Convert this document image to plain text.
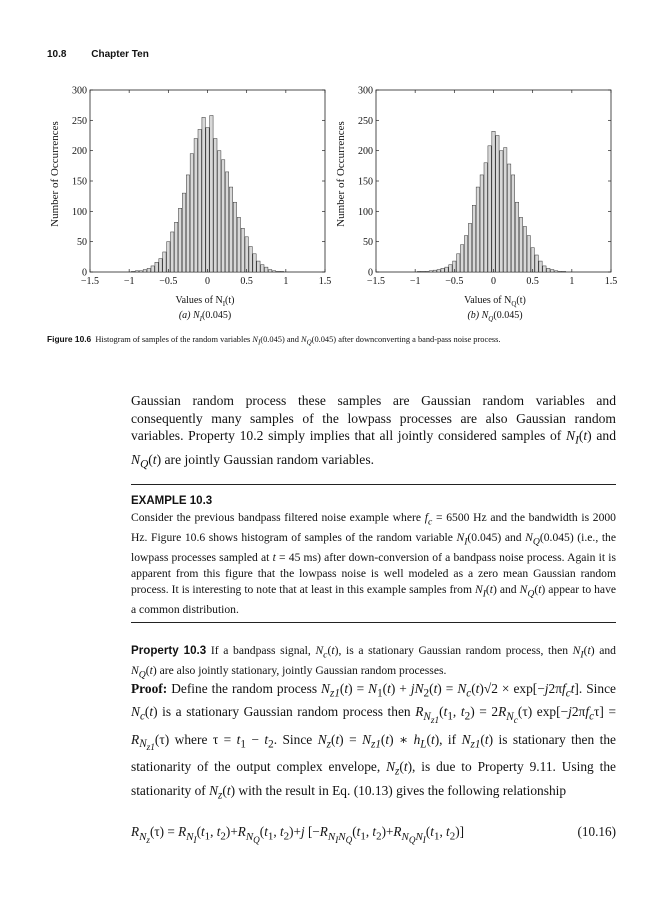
10.8 Chapter Ten
−1.5 −1 −0.5	0	0.5	1	1.5
0
50
100
150
200
250
300
Number of Occurrences
Values of $N_I(t)$
(a) $N_I(0.045)$
−1.5 −1 −0.5	0	0.5	1	1.5
0
50
100
150
200
250
300
Number of Occurrences
Values of $N_Q(t)$
(b) $N_Q(0.045)$
Figure 10.6 Histogram of samples of the random variables $N_I(0.045)$ and $N_Q(0.045)$ after downconverting a band-pass noise process.
Gaussian random process these samples are Gaussian random variables and consequently many samples of the lowpass processes are also Gaussian random variables. Property 10.2 simply implies that all jointly considered samples of $N_I(t)$ and $N_Q(t)$ are jointly Gaussian random variables.
EXAMPLE 10.3
Consider the previous bandpass filtered noise example where $f_c = 6500$ Hz and the bandwidth is 2000 Hz. Figure 10.6 shows histogram of samples of the random variable $N_I(0.045)$ and $N_Q(0.045)$ (i.e., the lowpass processes sampled at t = 45 ms) after down-conversion of a bandpass noise process. Again it is apparent from this figure that the lowpass noise is well modeled as a zero mean Gaussian random process. It is interesting to note that at least in this example samples from $N_I(t)$ and $N_Q(t)$ appear to have a common distribution.
Property 10.3 If a bandpass signal, $N_c(t)$, is a stationary Gaussian random process, then $N_I(t)$ and $N_Q(t)$ are also jointly stationary, jointly Gaussian random processes.
Proof: Define the random process $N_{z1}(t) = N_1(t) + jN_2(t) = N_c(t)√2 \times \exp[-j2\pi f_ct]$. Since $N_c(t)$ is a stationary Gaussian random process then $R_{N_{z1}}(t_1$, $t_2) = 2R_{N_c}(\tau)$ $\exp[-j2\pi f_c\tau] = R_{N_{z1}}(\tau)$ where $\tau = t_1 - t_2$. Since $N_z(t) = N_{z1}(t)$ ∗ $h_L(t)$, if $N_{z1}(t)$ is stationary then the stationarity of the output complex envelope, $N_z(t)$, is due to Property 9.11. Using the stationarity of $N_z(t)$ with the result in Eq. (10.13) gives the following relationship
$R_{N_z}(\tau) = R_{N_I}(t_1$, $t_2)+R_{N_Q}(t_1$, $t_2)+j$ [$-R_{N_IN_Q}(t_1$, $t_2)+R_{N_QN_I}(t_1$, $t_2$)]	(10.16)
